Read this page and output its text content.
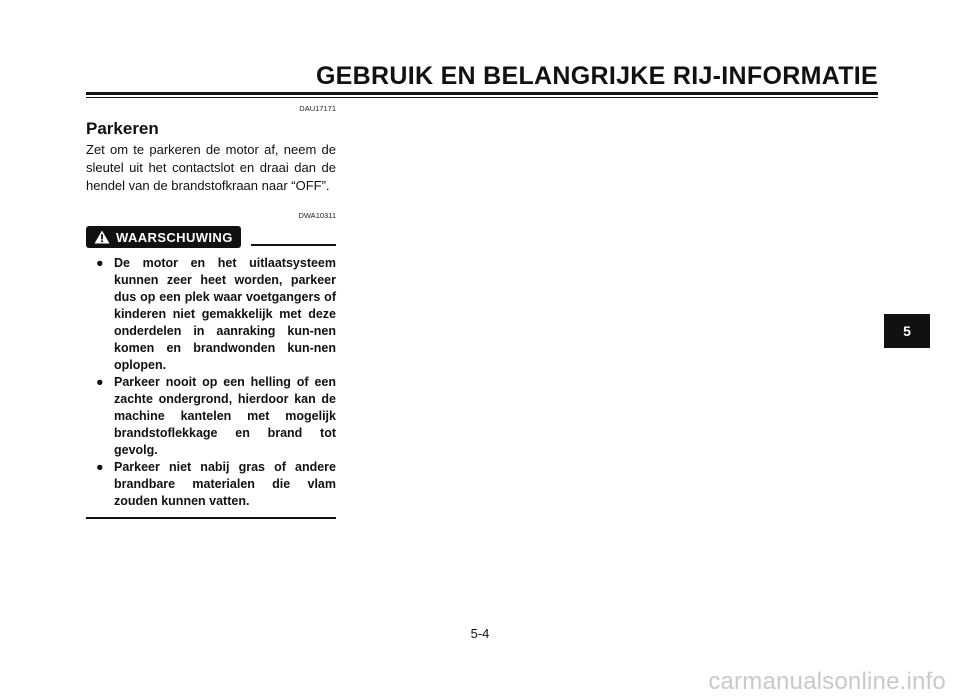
GEBRUIK EN BELANGRIJKE RIJ-INFORMATIE
DAU17171
Parkeren
Zet om te parkeren de motor af, neem de sleutel uit het contactslot en draai dan de hendel van de brandstofkraan naar “OFF”.
DWA10311
WAARSCHUWING
● De motor en het uitlaatsysteem kunnen zeer heet worden, parkeer dus op een plek waar voetgangers of kinderen niet gemakkelijk met deze onderdelen in aanraking kun-nen komen en brandwonden kun-nen oplopen.
● Parkeer nooit op een helling of een zachte ondergrond, hierdoor kan de machine kantelen met mogelijk brandstoflekkage en brand tot gevolg.
● Parkeer niet nabij gras of andere brandbare materialen die vlam zouden kunnen vatten.
5
5-4
carmanualsonline.info
